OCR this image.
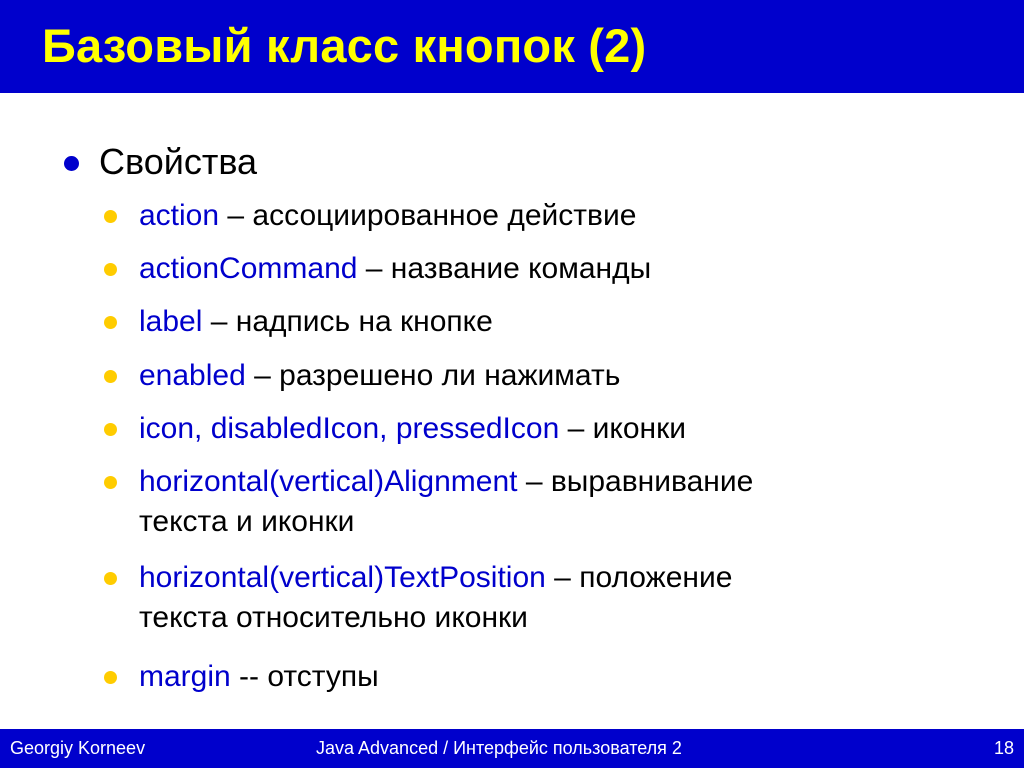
Базовый класс кнопок (2)
Свойства
action – ассоциированное действие
actionCommand – название команды
label – надпись на кнопке
enabled – разрешено ли нажимать
icon, disabledIcon, pressedIcon – иконки
horizontal(vertical)Alignment – выравнивание
текста и иконки
horizontal(vertical)TextPosition – положение
текста относительно иконки
margin -- отступы
Georgiy Korneev	Java Advanced / Интерфейс пользователя 2	18
